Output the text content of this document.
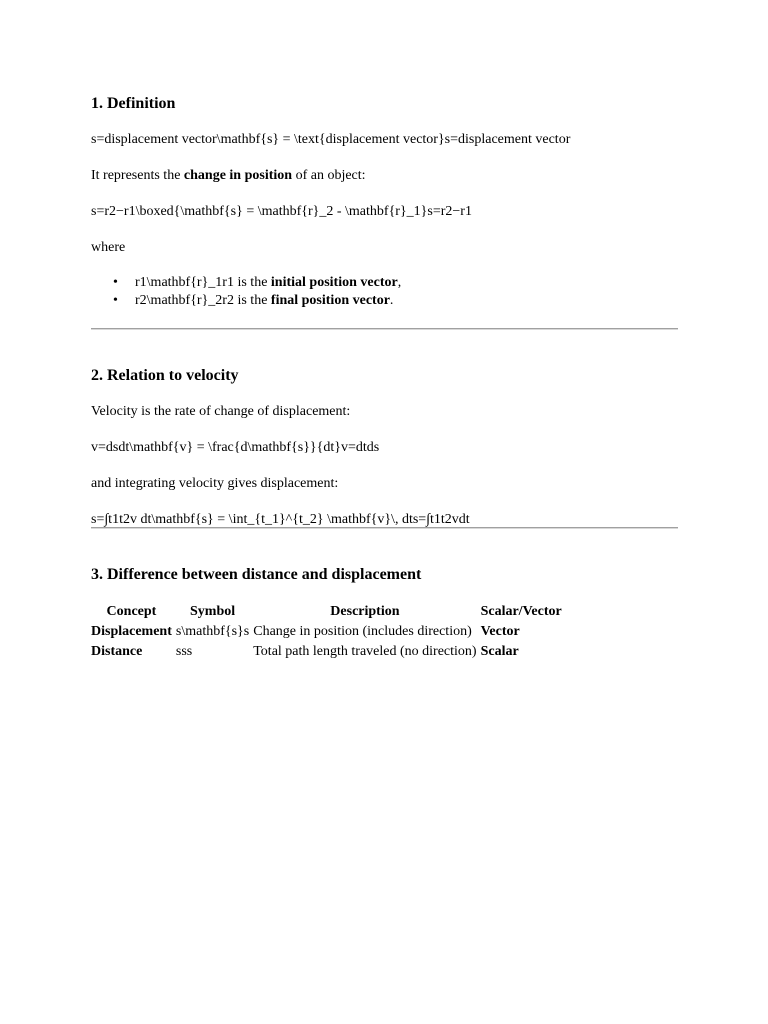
1. Definition

s=displacement vector\mathbf{s} = \text{displacement vector}s=displacement vector

It represents the change in position of an object:

s=r2−r1\boxed{\mathbf{s} = \mathbf{r}_2 - \mathbf{r}_1}s=r2−r1

where

• r1\mathbf{r}_1r1 is the initial position vector,
• r2\mathbf{r}_2r2 is the final position vector.
2. Relation to velocity

Velocity is the rate of change of displacement:

v=dsdt\mathbf{v} = \frac{d\mathbf{s}}{dt}v=dtds

and integrating velocity gives displacement:

s=∫t1t2v dt\mathbf{s} = \int_{t_1}^{t_2} \mathbf{v}\, dts=∫t1t2vdt

3. Difference between distance and displacement
Concept	Symbol	Description	Scalar/Vector
Displacement	s\mathbf{s}s	Change in position (includes direction)	Vector
Distance	sss	Total path length traveled (no direction)	Scalar
